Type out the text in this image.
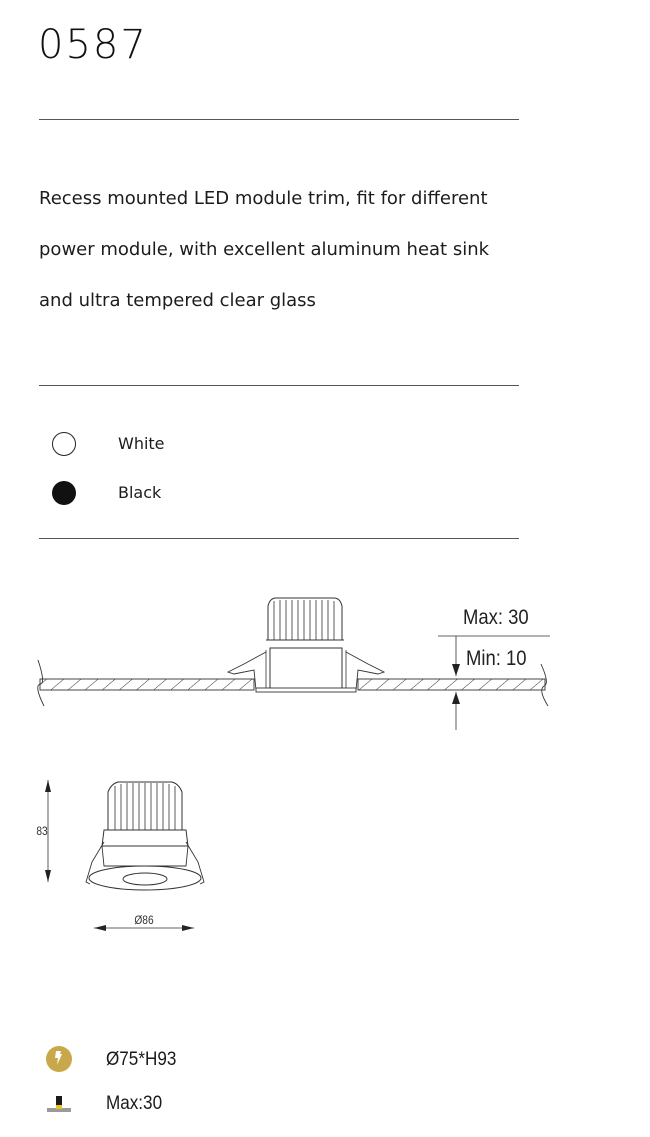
0587
Recess mounted LED module trim, fit for different
power module, with excellent aluminum heat sink
and ultra tempered clear glass
White
Black
Max: 30
Min: 10
83
Ø86
Ø75*H93
Max:30
